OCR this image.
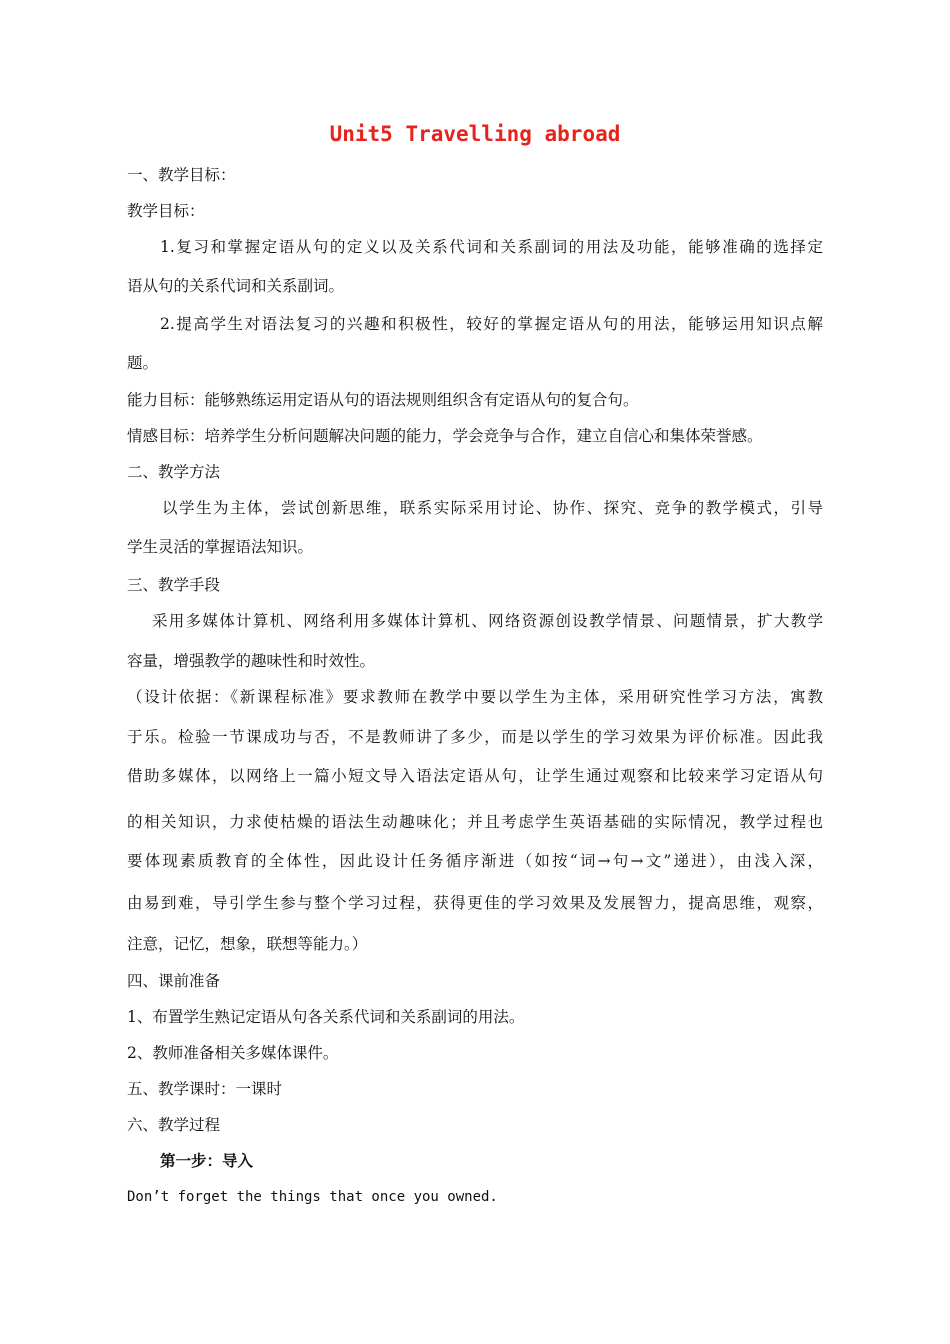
Unit5 Travelling abroad
一、教学目标：
教学目标：
1.复习和掌握定语从句的定义以及关系代词和关系副词的用法及功能，能够准确的选择定
语从句的关系代词和关系副词。
2.提高学生对语法复习的兴趣和积极性，较好的掌握定语从句的用法，能够运用知识点解
题。
能力目标：能够熟练运用定语从句的语法规则组织含有定语从句的复合句。
情感目标：培养学生分析问题解决问题的能力，学会竞争与合作，建立自信心和集体荣誉感。
二、教学方法
以学生为主体，尝试创新思维，联系实际采用讨论、协作、探究、竞争的教学模式，引导
学生灵活的掌握语法知识。
三、教学手段
采用多媒体计算机、网络利用多媒体计算机、网络资源创设教学情景、问题情景，扩大教学
容量，增强教学的趣味性和时效性。
（设计依据：《新课程标准》要求教师在教学中要以学生为主体，采用研究性学习方法，寓教
于乐。检验一节课成功与否，不是教师讲了多少，而是以学生的学习效果为评价标准。因此我
借助多媒体，以网络上一篇小短文导入语法定语从句，让学生通过观察和比较来学习定语从句
的相关知识，力求使枯燥的语法生动趣味化；并且考虑学生英语基础的实际情况，教学过程也
要体现素质教育的全体性，因此设计任务循序渐进（如按“词→句→文”递进），由浅入深，
由易到难，导引学生参与整个学习过程，获得更佳的学习效果及发展智力，提高思维，观察，
注意，记忆，想象，联想等能力。）
四、课前准备
1、布置学生熟记定语从句各关系代词和关系副词的用法。
2、教师准备相关多媒体课件。
五、教学课时：一课时
六、教学过程
第一步：导入
Don’t forget the things that once you owned.
